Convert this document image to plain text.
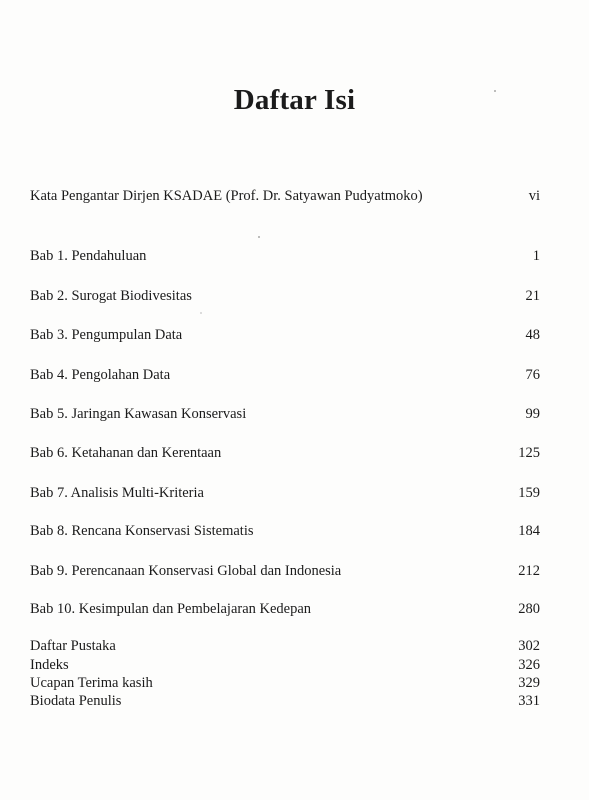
Daftar Isi
Kata Pengantar Dirjen KSADAE (Prof. Dr. Satyawan Pudyatmoko)	vi
Bab 1. Pendahuluan	1
Bab 2. Surogat Biodivesitas	21
Bab 3. Pengumpulan Data	48
Bab 4. Pengolahan Data	76
Bab 5. Jaringan Kawasan Konservasi	99
Bab 6. Ketahanan dan Kerentaan	125
Bab 7. Analisis Multi-Kriteria	159
Bab 8. Rencana Konservasi Sistematis	184
Bab 9. Perencanaan Konservasi Global dan Indonesia	212
Bab 10. Kesimpulan dan Pembelajaran Kedepan	280
Daftar Pustaka	302
Indeks	326
Ucapan Terima kasih	329
Biodata Penulis	331
